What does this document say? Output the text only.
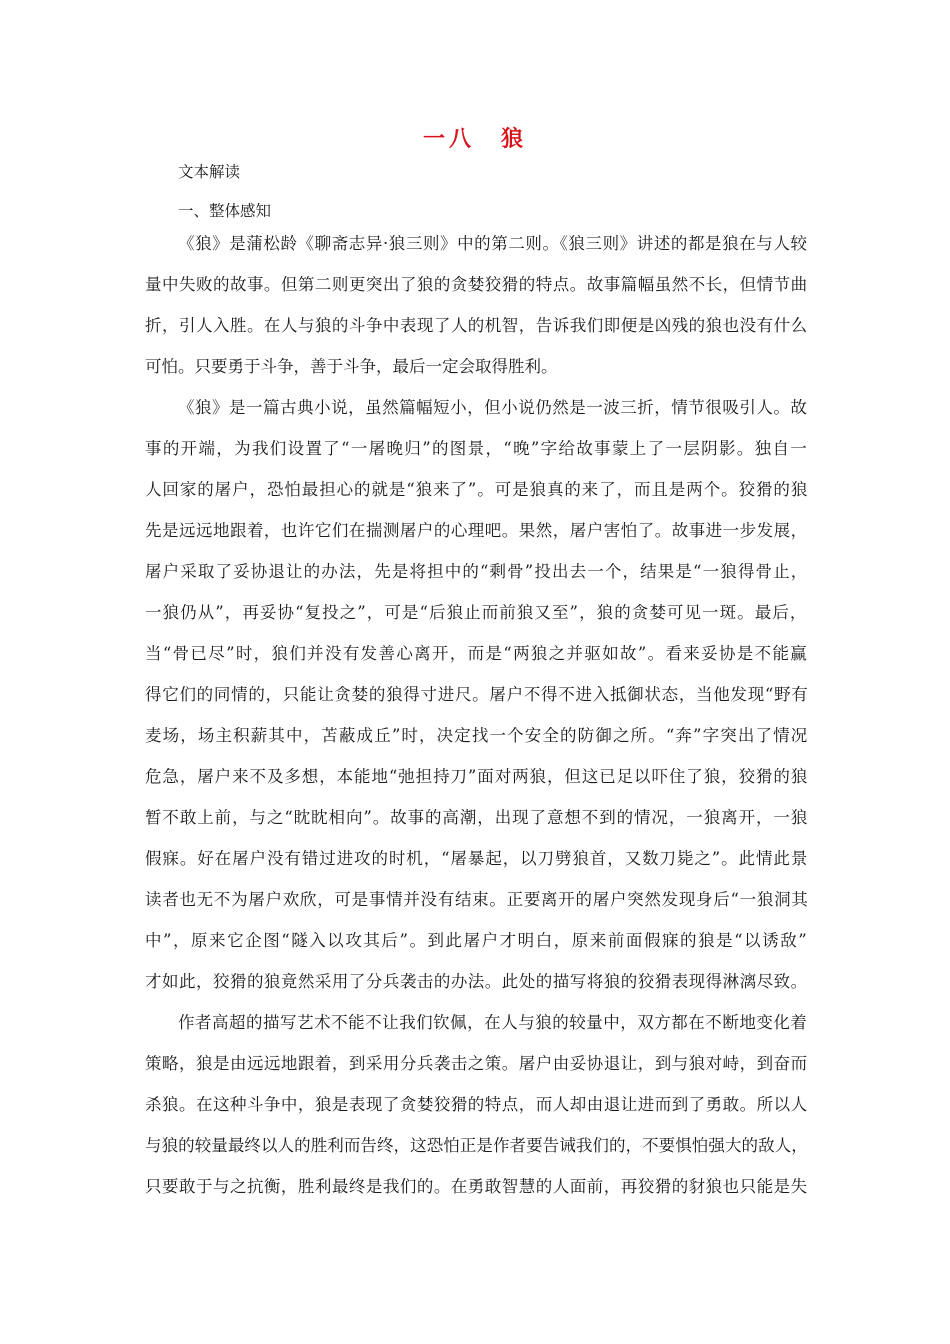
一八　狼
文本解读
一、整体感知
《狼》是蒲松龄《聊斋志异·狼三则》中的第二则。《狼三则》讲述的都是狼在与人较
量中失败的故事。但第二则更突出了狼的贪婪狡猾的特点。故事篇幅虽然不长，但情节曲
折，引人入胜。在人与狼的斗争中表现了人的机智，告诉我们即便是凶残的狼也没有什么
可怕。只要勇于斗争，善于斗争，最后一定会取得胜利。
《狼》是一篇古典小说，虽然篇幅短小，但小说仍然是一波三折，情节很吸引人。故
事的开端，为我们设置了“一屠晚归”的图景，“晚”字给故事蒙上了一层阴影。独自一
人回家的屠户，恐怕最担心的就是“狼来了”。可是狼真的来了，而且是两个。狡猾的狼
先是远远地跟着，也许它们在揣测屠户的心理吧。果然，屠户害怕了。故事进一步发展，
屠户采取了妥协退让的办法，先是将担中的“剩骨”投出去一个，结果是“一狼得骨止，
一狼仍从”，再妥协“复投之”，可是“后狼止而前狼又至”，狼的贪婪可见一斑。最后，
当“骨已尽”时，狼们并没有发善心离开，而是“两狼之并驱如故”。看来妥协是不能赢
得它们的同情的，只能让贪婪的狼得寸进尺。屠户不得不进入抵御状态，当他发现“野有
麦场，场主积薪其中，苫蔽成丘”时，决定找一个安全的防御之所。“奔”字突出了情况
危急，屠户来不及多想，本能地“弛担持刀”面对两狼，但这已足以吓住了狼，狡猾的狼
暂不敢上前，与之“眈眈相向”。故事的高潮，出现了意想不到的情况，一狼离开，一狼
假寐。好在屠户没有错过进攻的时机，“屠暴起，以刀劈狼首，又数刀毙之”。此情此景
读者也无不为屠户欢欣，可是事情并没有结束。正要离开的屠户突然发现身后“一狼洞其
中”，原来它企图“隧入以攻其后”。到此屠户才明白，原来前面假寐的狼是“以诱敌”
才如此，狡猾的狼竟然采用了分兵袭击的办法。此处的描写将狼的狡猾表现得淋漓尽致。
作者高超的描写艺术不能不让我们钦佩，在人与狼的较量中，双方都在不断地变化着
策略，狼是由远远地跟着，到采用分兵袭击之策。屠户由妥协退让，到与狼对峙，到奋而
杀狼。在这种斗争中，狼是表现了贪婪狡猾的特点，而人却由退让进而到了勇敢。所以人
与狼的较量最终以人的胜利而告终，这恐怕正是作者要告诫我们的，不要惧怕强大的敌人，
只要敢于与之抗衡，胜利最终是我们的。在勇敢智慧的人面前，再狡猾的豺狼也只能是失
